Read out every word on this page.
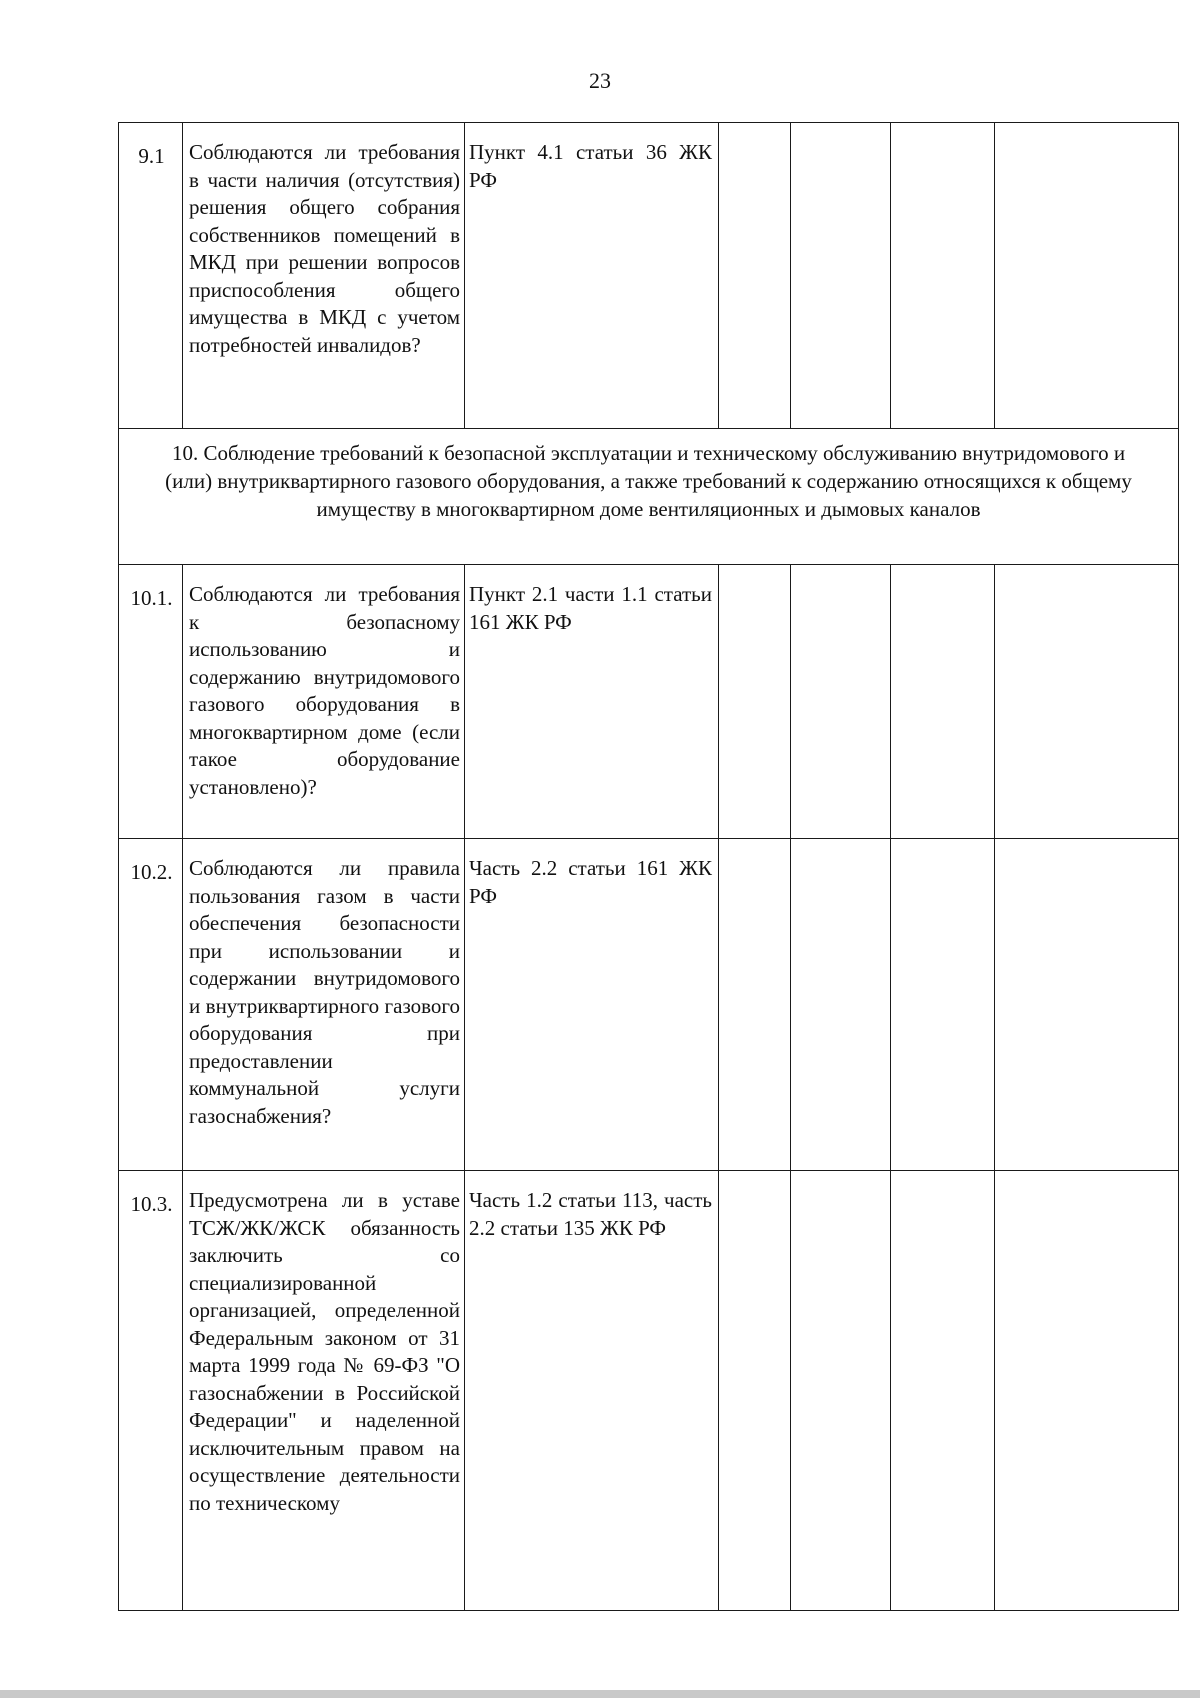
23
9.1	Соблюдаются ли требования в части наличия (отсутствия) решения общего собрания собственников помещений в МКД при решении вопросов приспособления общего имущества в МКД с учетом потребностей инвалидов?	Пункт 4.1 статьи 36 ЖК РФ				

10. Соблюдение требований к безопасной эксплуатации и техническому обслуживанию внутридомового и (или) внутриквартирного газового оборудования, а также требований к содержанию относящихся к общему имуществу в многоквартирном доме вентиляционных и дымовых каналов						

10.1.	Соблюдаются ли требования к безопасному использованию и содержанию внутридомового газового оборудования в многоквартирном доме (если такое оборудование установлено)?	Пункт 2.1 части 1.1 статьи 161 ЖК РФ				

10.2.	Соблюдаются ли правила пользования газом в части обеспечения безопасности при использовании и содержании внутридомового и внутриквартирного газового оборудования при предоставлении коммунальной услуги газоснабжения?	Часть 2.2 статьи 161 ЖК РФ				

10.3.	Предусмотрена ли в уставе ТСЖ/ЖК/ЖСК обязанность заключить со специализированной организацией, определенной Федеральным законом от 31 марта 1999 года № 69-ФЗ "О газоснабжении в Российской Федерации" и наделенной исключительным правом на осуществление деятельности по техническому	Часть 1.2 статьи 113, часть 2.2 статьи 135 ЖК РФ				
